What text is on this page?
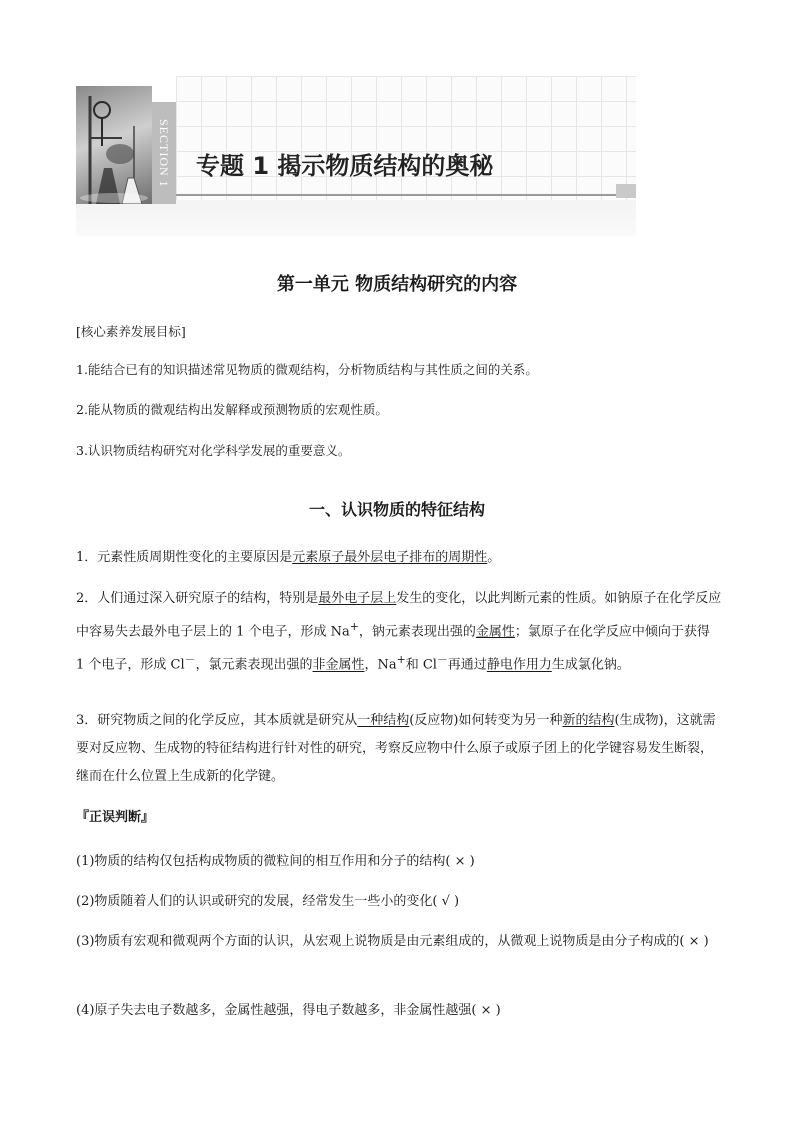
SECTION 1 专题 1 揭示物质结构的奥秘
第一单元 物质结构研究的内容
[核心素养发展目标]
1.能结合已有的知识描述常见物质的微观结构，分析物质结构与其性质之间的关系。
2.能从物质的微观结构出发解释或预测物质的宏观性质。
3.认识物质结构研究对化学科学发展的重要意义。
一、认识物质的特征结构
1．元素性质周期性变化的主要原因是元素原子最外层电子排布的周期性。
2．人们通过深入研究原子的结构，特别是最外电子层上发生的变化，以此判断元素的性质。如钠原子在化学反应中容易失去最外电子层上的 1 个电子，形成 Na+，钠元素表现出强的金属性；氯原子在化学反应中倾向于获得 1 个电子，形成 Cl－，氯元素表现出强的非金属性，Na+和 Cl－再通过静电作用力生成氯化钠。
3．研究物质之间的化学反应，其本质就是研究从一种结构(反应物)如何转变为另一种新的结构(生成物)，这就需要对反应物、生成物的特征结构进行针对性的研究，考察反应物中什么原子或原子团上的化学键容易发生断裂，继而在什么位置上生成新的化学键。
『正误判断』
(1)物质的结构仅包括构成物质的微粒间的相互作用和分子的结构( × )
(2)物质随着人们的认识或研究的发展，经常发生一些小的变化( √ )
(3)物质有宏观和微观两个方面的认识，从宏观上说物质是由元素组成的，从微观上说物质是由分子构成的( × )
(4)原子失去电子数越多，金属性越强，得电子数越多，非金属性越强( × )
